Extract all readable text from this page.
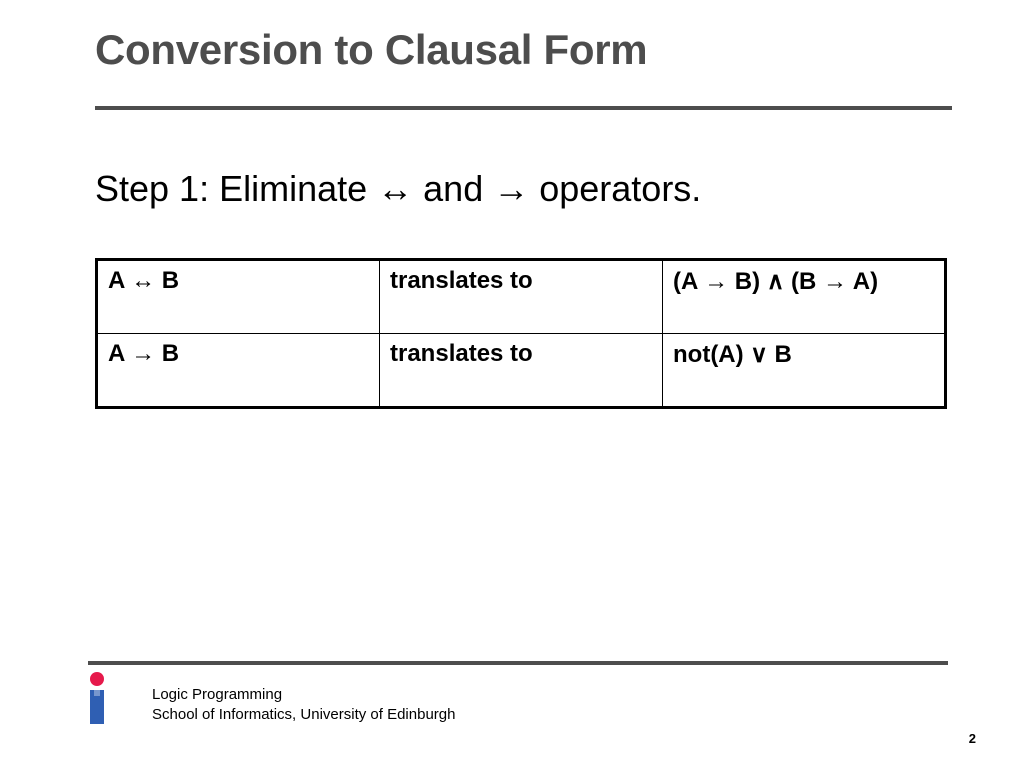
Conversion to Clausal Form

Step 1: Eliminate ↔ and → operators.

A ↔ B	translates to	(A → B) ∧ (B → A)
A → B	translates to	not(A) ∨ B
Logic Programming
School of Informatics, University of Edinburgh
2
